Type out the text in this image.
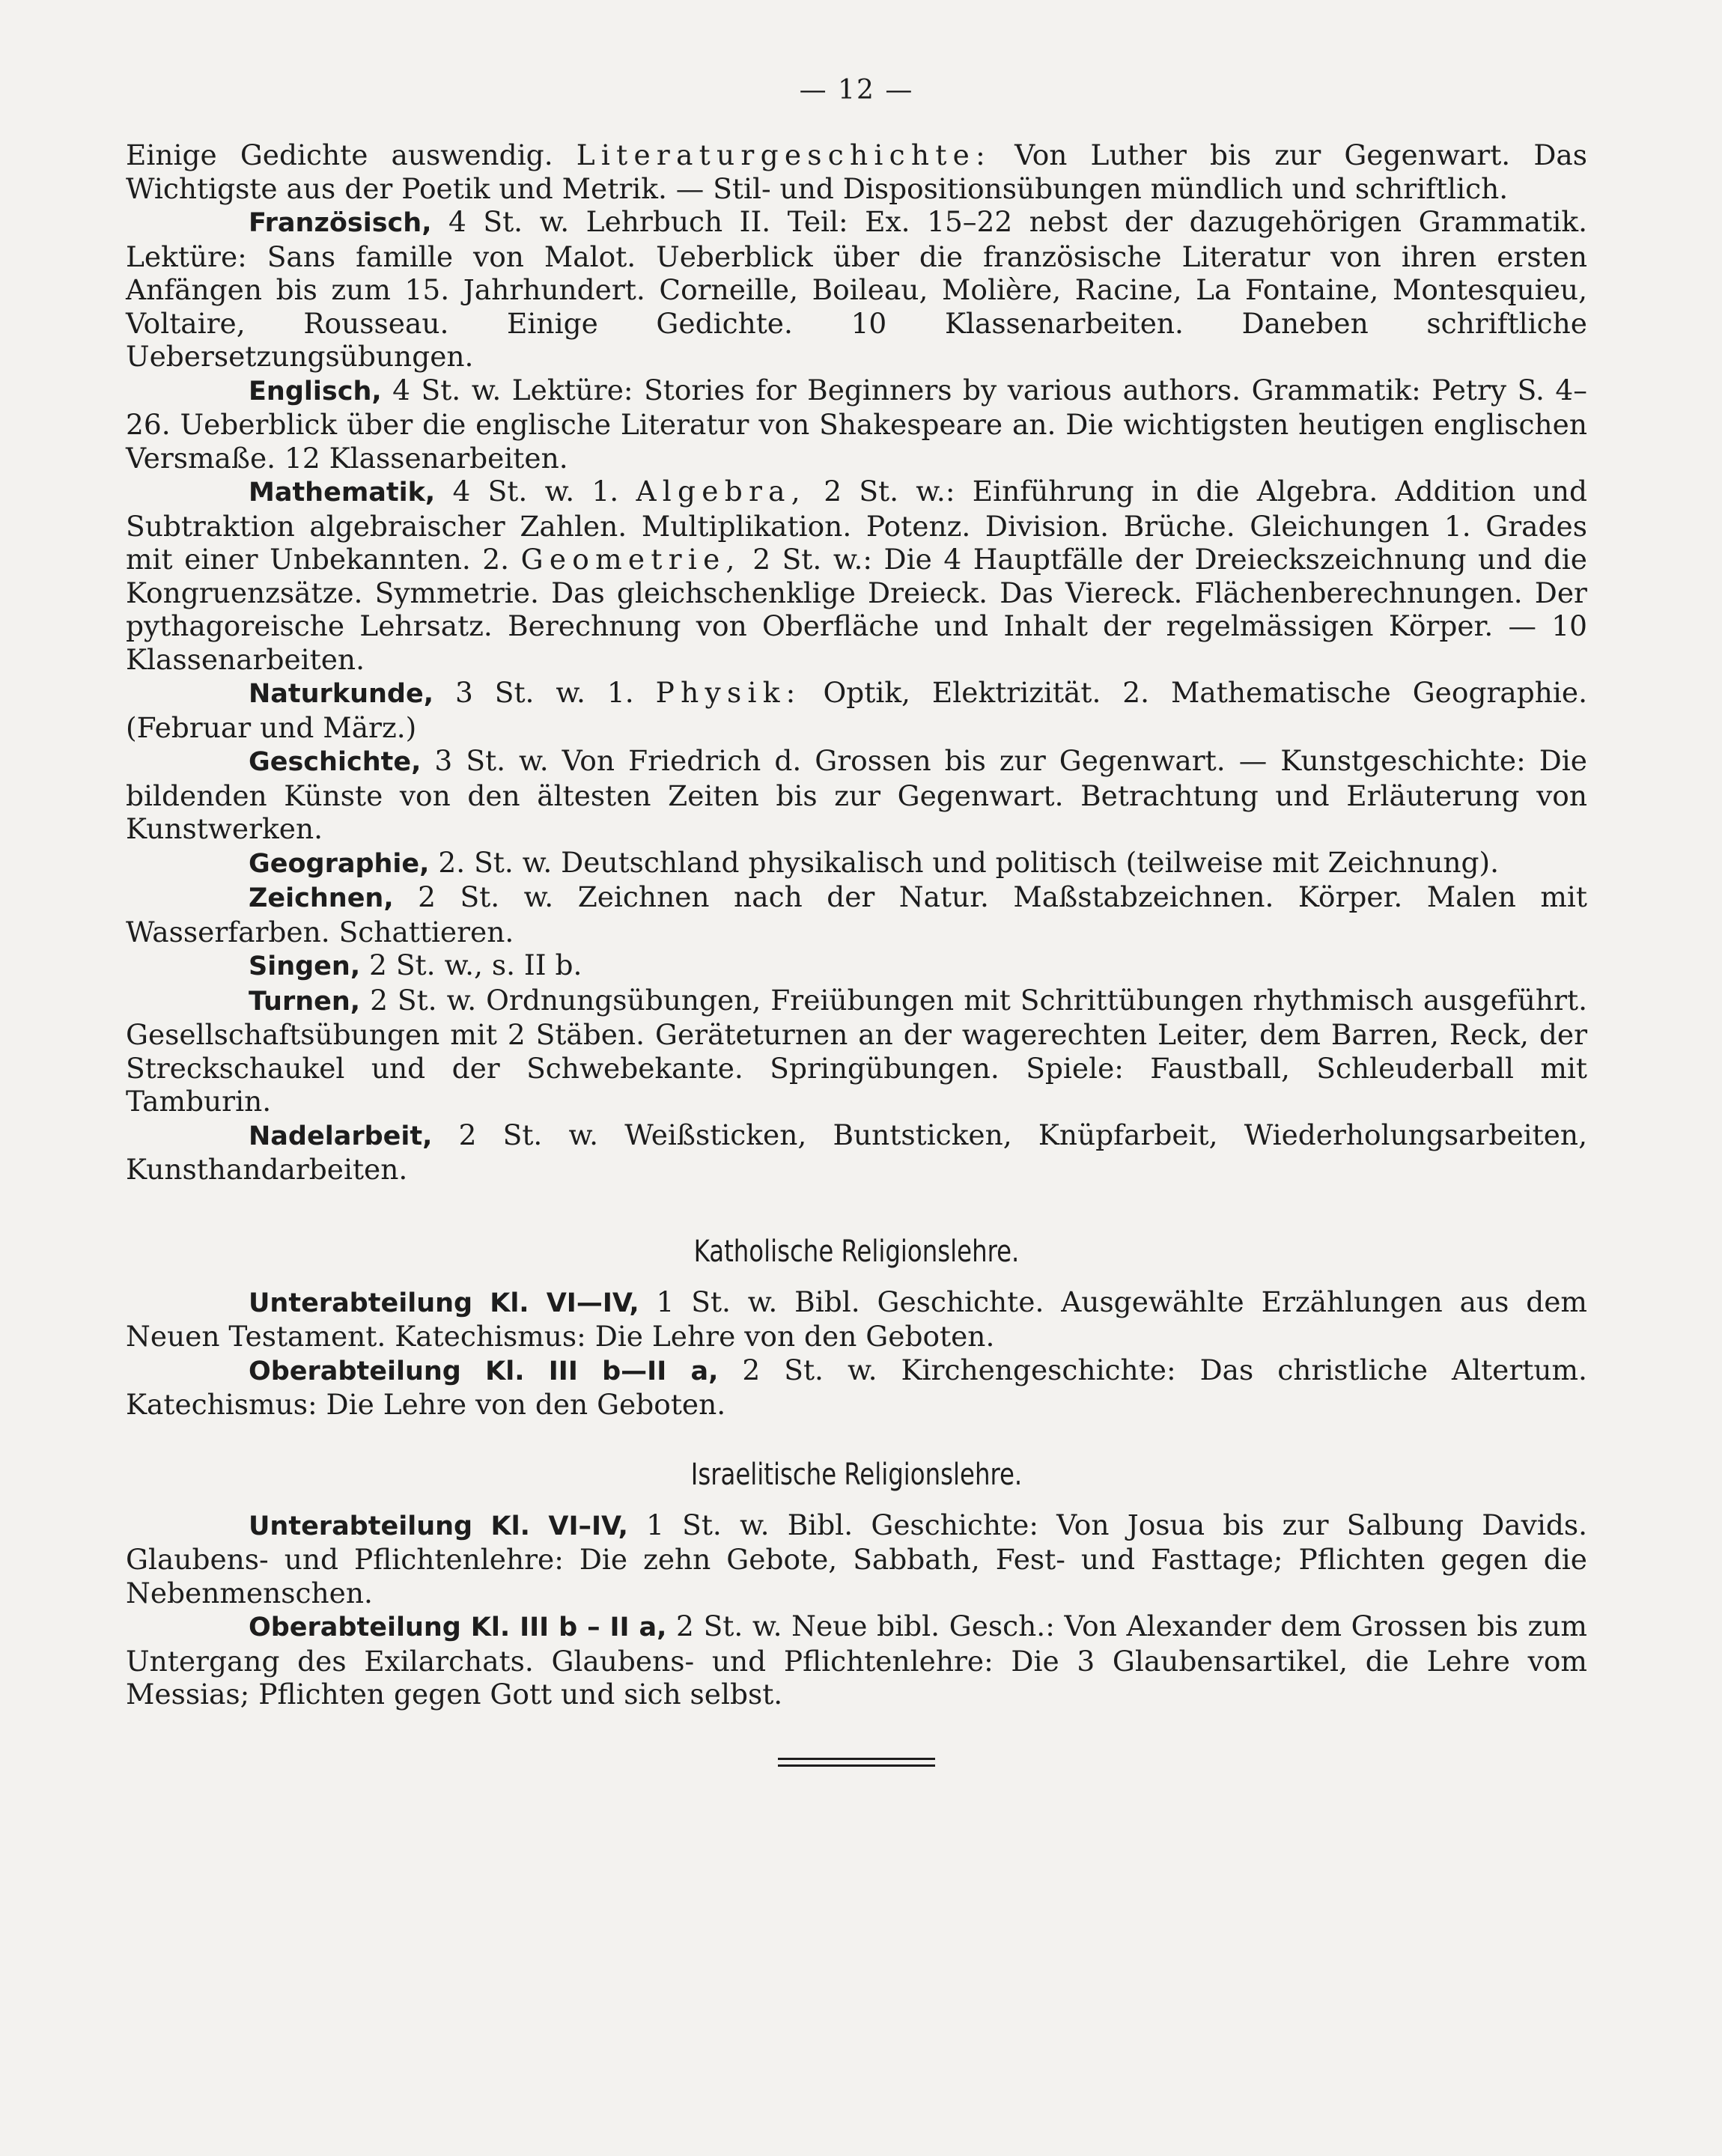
— 12 —

Einige Gedichte auswendig. Literaturgeschichte: Von Luther bis zur Gegenwart. Das Wichtigste aus der Poetik und Metrik. — Stil- und Dispositionsübungen mündlich und schriftlich.

Französisch, 4 St. w. Lehrbuch II. Teil: Ex. 15–22 nebst der dazugehörigen Grammatik. Lektüre: Sans famille von Malot. Ueberblick über die französische Literatur von ihren ersten Anfängen bis zum 15. Jahrhundert. Corneille, Boileau, Molière, Racine, La Fontaine, Montesquieu, Voltaire, Rousseau. Einige Gedichte. 10 Klassenarbeiten. Daneben schriftliche Uebersetzungsübungen.

Englisch, 4 St. w. Lektüre: Stories for Beginners by various authors. Grammatik: Petry S. 4–26. Ueberblick über die englische Literatur von Shakespeare an. Die wichtigsten heutigen englischen Versmaße. 12 Klassenarbeiten.

Mathematik, 4 St. w. 1. Algebra, 2 St. w.: Einführung in die Algebra. Addition und Subtraktion algebraischer Zahlen. Multiplikation. Potenz. Division. Brüche. Gleichungen 1. Grades mit einer Unbekannten. 2. Geometrie, 2 St. w.: Die 4 Hauptfälle der Dreieckszeichnung und die Kongruenzsätze. Symmetrie. Das gleichschenklige Dreieck. Das Viereck. Flächenberechnungen. Der pythagoreische Lehrsatz. Berechnung von Oberfläche und Inhalt der regelmässigen Körper. — 10 Klassenarbeiten.

Naturkunde, 3 St. w. 1. Physik: Optik, Elektrizität. 2. Mathematische Geographie. (Februar und März.)

Geschichte, 3 St. w. Von Friedrich d. Grossen bis zur Gegenwart. — Kunstgeschichte: Die bildenden Künste von den ältesten Zeiten bis zur Gegenwart. Betrachtung und Erläuterung von Kunstwerken.

Geographie, 2. St. w. Deutschland physikalisch und politisch (teilweise mit Zeichnung).

Zeichnen, 2 St. w. Zeichnen nach der Natur. Maßstabzeichnen. Körper. Malen mit Wasserfarben. Schattieren.

Singen, 2 St. w., s. II b.

Turnen, 2 St. w. Ordnungsübungen, Freiübungen mit Schrittübungen rhythmisch ausgeführt. Gesellschaftsübungen mit 2 Stäben. Geräteturnen an der wagerechten Leiter, dem Barren, Reck, der Streckschaukel und der Schwebekante. Springübungen. Spiele: Faustball, Schleuderball mit Tamburin.

Nadelarbeit, 2 St. w. Weißsticken, Buntsticken, Knüpfarbeit, Wiederholungsarbeiten, Kunsthandarbeiten.

Katholische Religionslehre.

Unterabteilung Kl. VI—IV, 1 St. w. Bibl. Geschichte. Ausgewählte Erzählungen aus dem Neuen Testament. Katechismus: Die Lehre von den Geboten.

Oberabteilung Kl. III b—II a, 2 St. w. Kirchengeschichte: Das christliche Altertum. Katechismus: Die Lehre von den Geboten.

Israelitische Religionslehre.

Unterabteilung Kl. VI–IV, 1 St. w. Bibl. Geschichte: Von Josua bis zur Salbung Davids. Glaubens- und Pflichtenlehre: Die zehn Gebote, Sabbath, Fest- und Fasttage; Pflichten gegen die Nebenmenschen.

Oberabteilung Kl. III b – II a, 2 St. w. Neue bibl. Gesch.: Von Alexander dem Grossen bis zum Untergang des Exilarchats. Glaubens- und Pflichtenlehre: Die 3 Glaubensartikel, die Lehre vom Messias; Pflichten gegen Gott und sich selbst.
